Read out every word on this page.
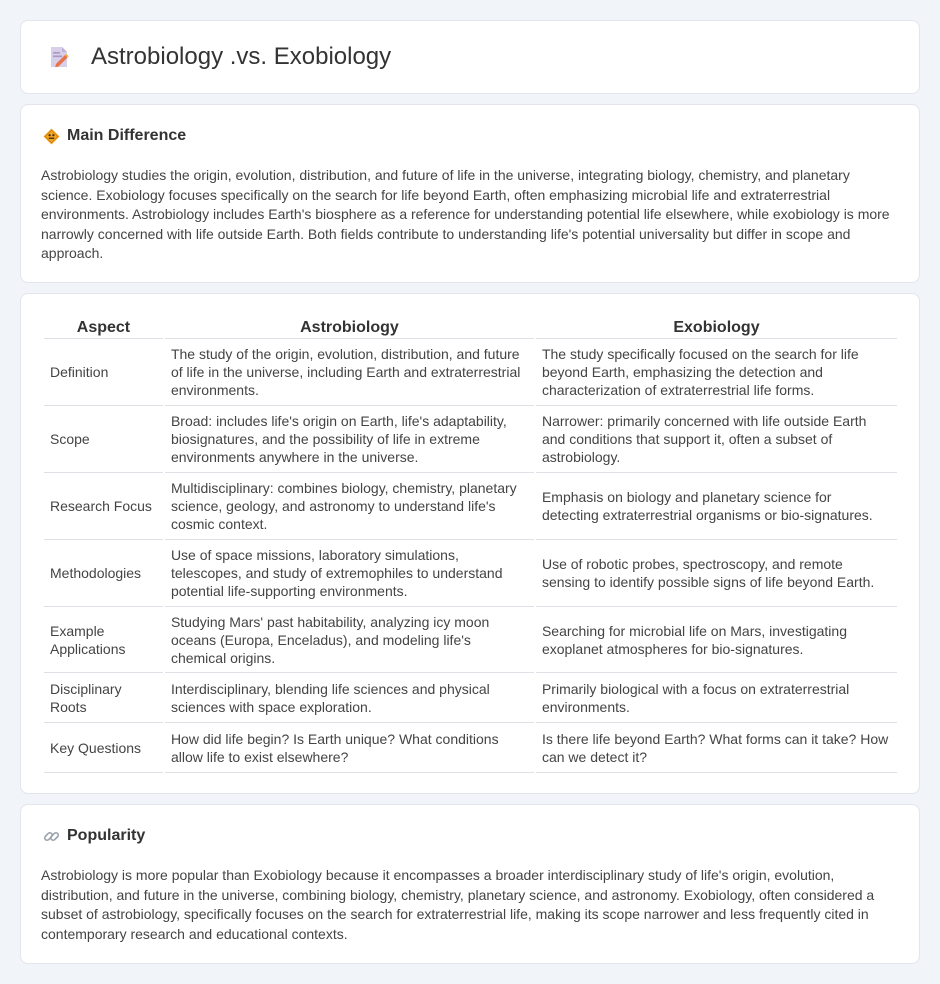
Astrobiology .vs. Exobiology
Main Difference

Astrobiology studies the origin, evolution, distribution, and future of life in the universe, integrating biology, chemistry, and planetary science. Exobiology focuses specifically on the search for life beyond Earth, often emphasizing microbial life and extraterrestrial environments. Astrobiology includes Earth's biosphere as a reference for understanding potential life elsewhere, while exobiology is more narrowly concerned with life outside Earth. Both fields contribute to understanding life's potential universality but differ in scope and approach.

Aspect	Astrobiology	Exobiology
Definition	The study of the origin, evolution, distribution, and future of life in the universe, including Earth and extraterrestrial environments.	The study specifically focused on the search for life beyond Earth, emphasizing the detection and characterization of extraterrestrial life forms.
Scope	Broad: includes life's origin on Earth, life's adaptability, biosignatures, and the possibility of life in extreme environments anywhere in the universe.	Narrower: primarily concerned with life outside Earth and conditions that support it, often a subset of astrobiology.
Research Focus	Multidisciplinary: combines biology, chemistry, planetary science, geology, and astronomy to understand life's cosmic context.	Emphasis on biology and planetary science for detecting extraterrestrial organisms or bio-signatures.
Methodologies	Use of space missions, laboratory simulations, telescopes, and study of extremophiles to understand potential life-supporting environments.	Use of robotic probes, spectroscopy, and remote sensing to identify possible signs of life beyond Earth.
Example Applications	Studying Mars' past habitability, analyzing icy moon oceans (Europa, Enceladus), and modeling life's chemical origins.	Searching for microbial life on Mars, investigating exoplanet atmospheres for bio-signatures.
Disciplinary Roots	Interdisciplinary, blending life sciences and physical sciences with space exploration.	Primarily biological with a focus on extraterrestrial environments.
Key Questions	How did life begin? Is Earth unique? What conditions allow life to exist elsewhere?	Is there life beyond Earth? What forms can it take? How can we detect it?
Popularity

Astrobiology is more popular than Exobiology because it encompasses a broader interdisciplinary study of life's origin, evolution, distribution, and future in the universe, combining biology, chemistry, planetary science, and astronomy. Exobiology, often considered a subset of astrobiology, specifically focuses on the search for extraterrestrial life, making its scope narrower and less frequently cited in contemporary research and educational contexts.
